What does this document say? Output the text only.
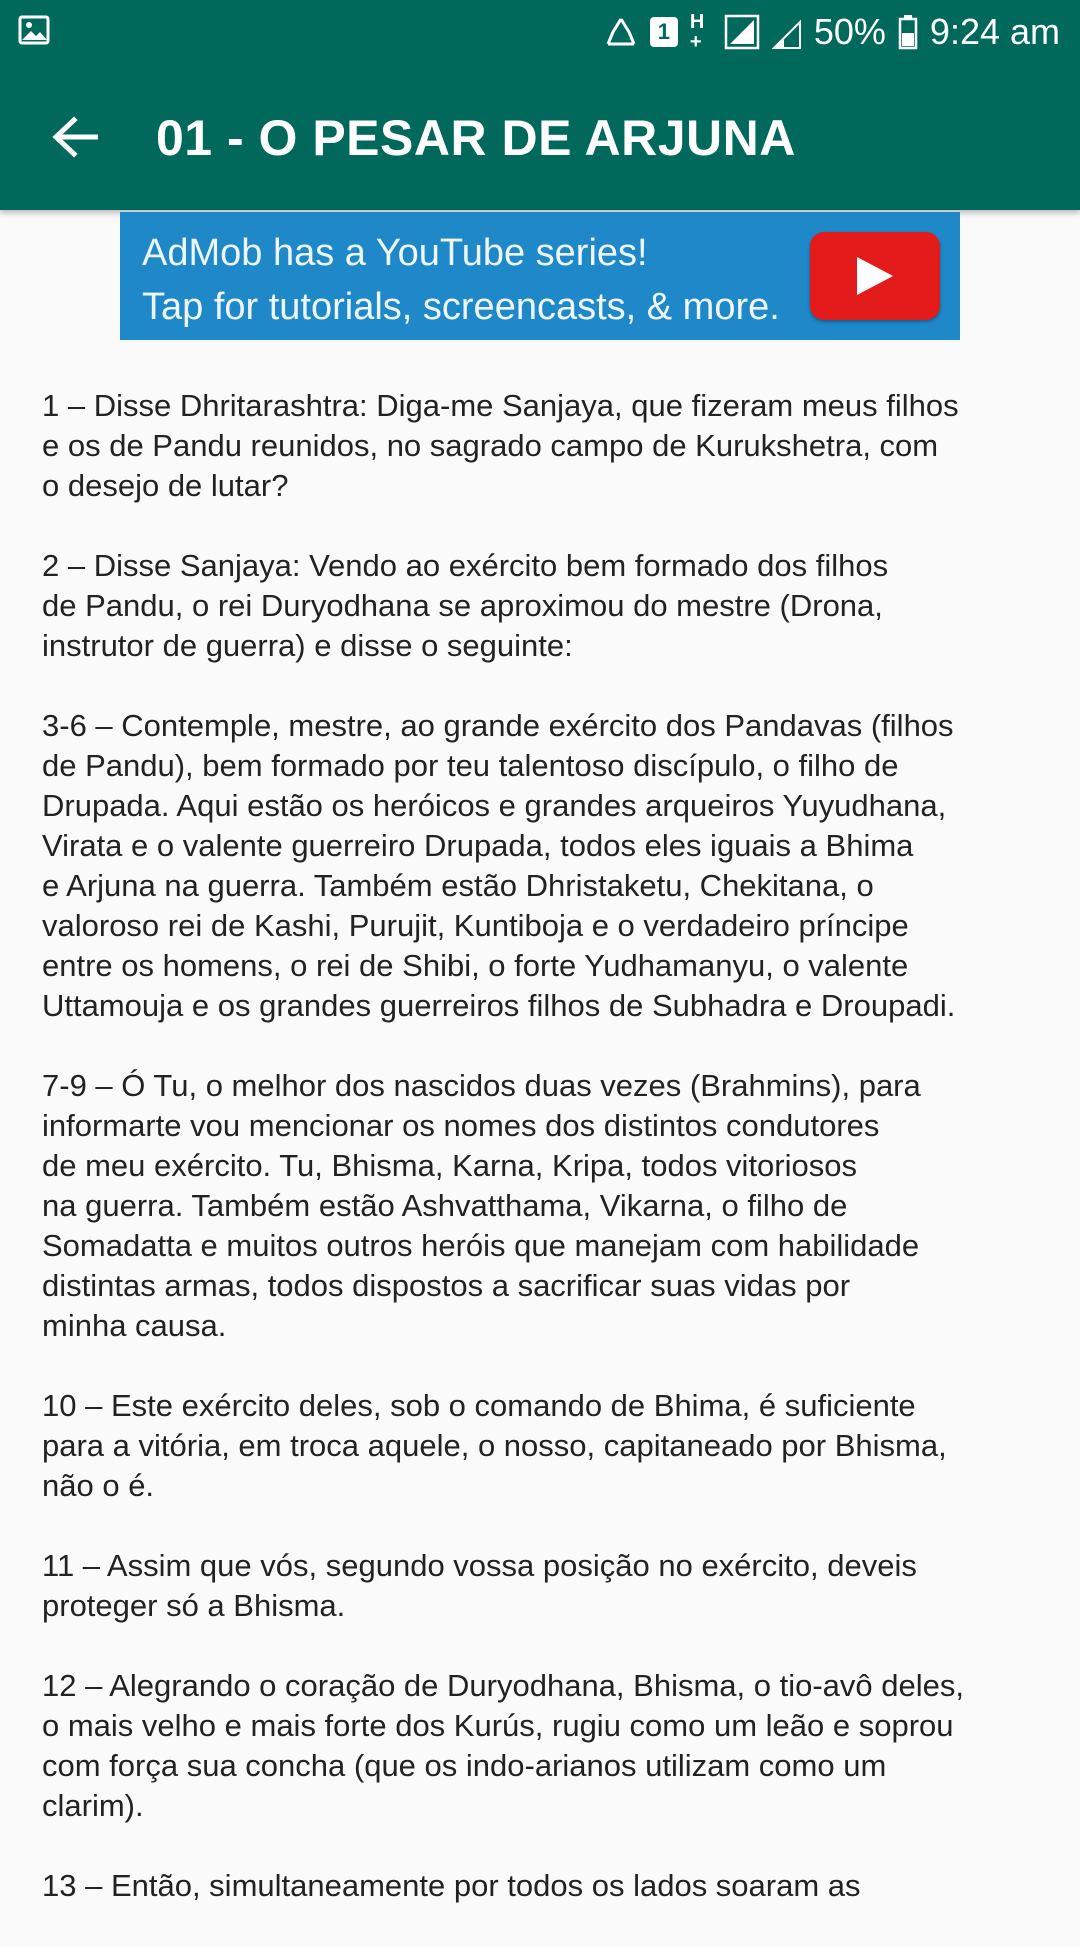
1 H+	50% 9:24 am
01 - O PESAR DE ARJUNA
AdMob has a YouTube series!
Tap for tutorials, screencasts, & more.

1 – Disse Dhritarashtra: Diga-me Sanjaya, que fizeram meus filhos
e os de Pandu reunidos, no sagrado campo de Kurukshetra, com
o desejo de lutar?

2 – Disse Sanjaya: Vendo ao exército bem formado dos filhos
de Pandu, o rei Duryodhana se aproximou do mestre (Drona,
instrutor de guerra) e disse o seguinte:

3-6 – Contemple, mestre, ao grande exército dos Pandavas (filhos
de Pandu), bem formado por teu talentoso discípulo, o filho de
Drupada. Aqui estão os heróicos e grandes arqueiros Yuyudhana,
Virata e o valente guerreiro Drupada, todos eles iguais a Bhima
e Arjuna na guerra. Também estão Dhristaketu, Chekitana, o
valoroso rei de Kashi, Purujit, Kuntiboja e o verdadeiro príncipe
entre os homens, o rei de Shibi, o forte Yudhamanyu, o valente
Uttamouja e os grandes guerreiros filhos de Subhadra e Droupadi.

7-9 – Ó Tu, o melhor dos nascidos duas vezes (Brahmins), para
informarte vou mencionar os nomes dos distintos condutores
de meu exército. Tu, Bhisma, Karna, Kripa, todos vitoriosos
na guerra. Também estão Ashvatthama, Vikarna, o filho de
Somadatta e muitos outros heróis que manejam com habilidade
distintas armas, todos dispostos a sacrificar suas vidas por
minha causa.

10 – Este exército deles, sob o comando de Bhima, é suficiente
para a vitória, em troca aquele, o nosso, capitaneado por Bhisma,
não o é.

11 – Assim que vós, segundo vossa posição no exército, deveis
proteger só a Bhisma.

12 – Alegrando o coração de Duryodhana, Bhisma, o tio-avô deles,
o mais velho e mais forte dos Kurús, rugiu como um leão e soprou
com força sua concha (que os indo-arianos utilizam como um
clarim).

13 – Então, simultaneamente por todos os lados soaram as
